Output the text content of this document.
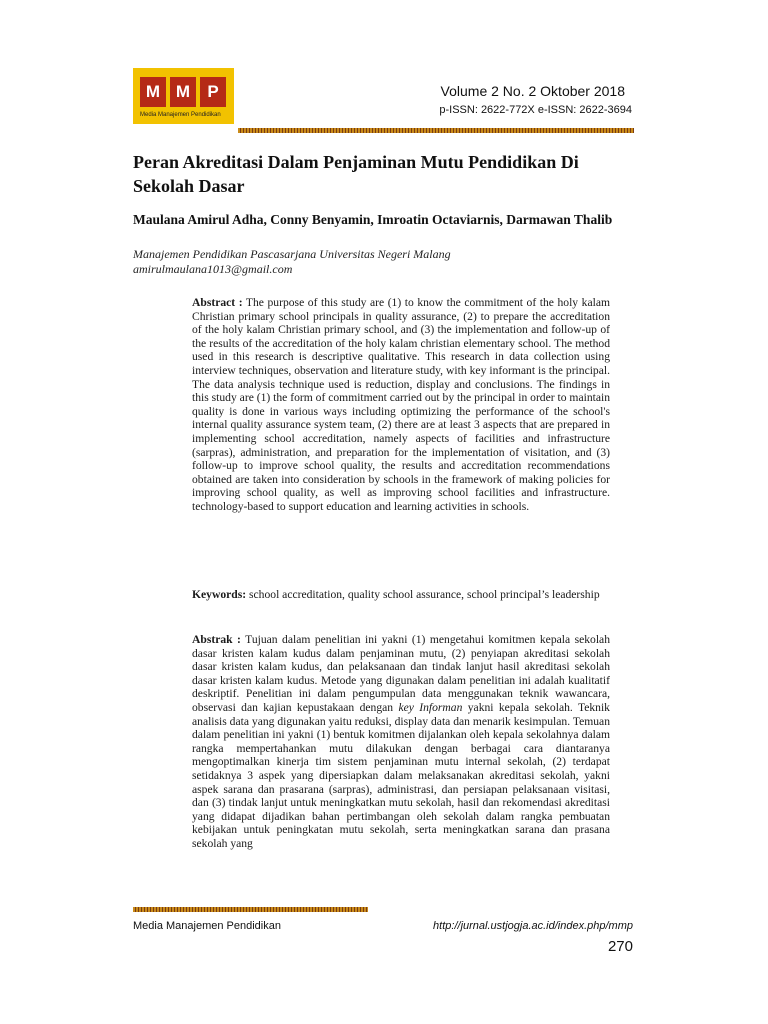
M M	P
Media Manajemen Pendidikan
Volume 2 No. 2 Oktober 2018
p-ISSN: 2622-772X e-ISSN: 2622-3694
Peran Akreditasi Dalam Penjaminan Mutu Pendidikan Di Sekolah Dasar
Maulana Amirul Adha, Conny Benyamin, Imroatin Octaviarnis, Darmawan Thalib
Manajemen Pendidikan Pascasarjana Universitas Negeri Malang
amirulmaulana1013@gmail.com
Abstract : The purpose of this study are (1) to know the commitment of the holy kalam Christian primary school principals in quality assurance, (2) to prepare the accreditation of the holy kalam Christian primary school, and (3) the implementation and follow-up of the results of the accreditation of the holy kalam christian elementary school. The method used in this research is descriptive qualitative. This research in data collection using interview techniques, observation and literature study, with key informant is the principal. The data analysis technique used is reduction, display and conclusions. The findings in this study are (1) the form of commitment carried out by the principal in order to maintain quality is done in various ways including optimizing the performance of the school's internal quality assurance system team, (2) there are at least 3 aspects that are prepared in implementing school accreditation, namely aspects of facilities and infrastructure (sarpras), administration, and preparation for the implementation of visitation, and (3) follow-up to improve school quality, the results and accreditation recommendations obtained are taken into consideration by schools in the framework of making policies for improving school quality, as well as improving school facilities and infrastructure. technology-based to support education and learning activities in schools.
Keywords: school accreditation, quality school assurance, school principal’s leadership
Abstrak : Tujuan dalam penelitian ini yakni (1) mengetahui komitmen kepala sekolah dasar kristen kalam kudus dalam penjaminan mutu, (2) penyiapan akreditasi sekolah dasar kristen kalam kudus, dan pelaksanaan dan tindak lanjut hasil akreditasi sekolah dasar kristen kalam kudus. Metode yang digunakan dalam penelitian ini adalah kualitatif deskriptif. Penelitian ini dalam pengumpulan data menggunakan teknik wawancara, observasi dan kajian kepustakaan dengan key Informan yakni kepala sekolah. Teknik analisis data yang digunakan yaitu reduksi, display data dan menarik kesimpulan. Temuan dalam penelitian ini yakni (1) bentuk komitmen dijalankan oleh kepala sekolahnya dalam rangka mempertahankan mutu dilakukan dengan berbagai cara diantaranya mengoptimalkan kinerja tim sistem penjaminan mutu internal sekolah, (2) terdapat setidaknya 3 aspek yang dipersiapkan dalam melaksanakan akreditasi sekolah, yakni aspek sarana dan prasarana (sarpras), administrasi, dan persiapan pelaksanaan visitasi, dan (3) tindak lanjut untuk meningkatkan mutu sekolah, hasil dan rekomendasi akreditasi yang didapat dijadikan bahan pertimbangan oleh sekolah dalam rangka pembuatan kebijakan untuk peningkatan mutu sekolah, serta meningkatkan sarana dan prasana sekolah yang
Media Manajemen Pendidikan	http://jurnal.ustjogja.ac.id/index.php/mmp
270
